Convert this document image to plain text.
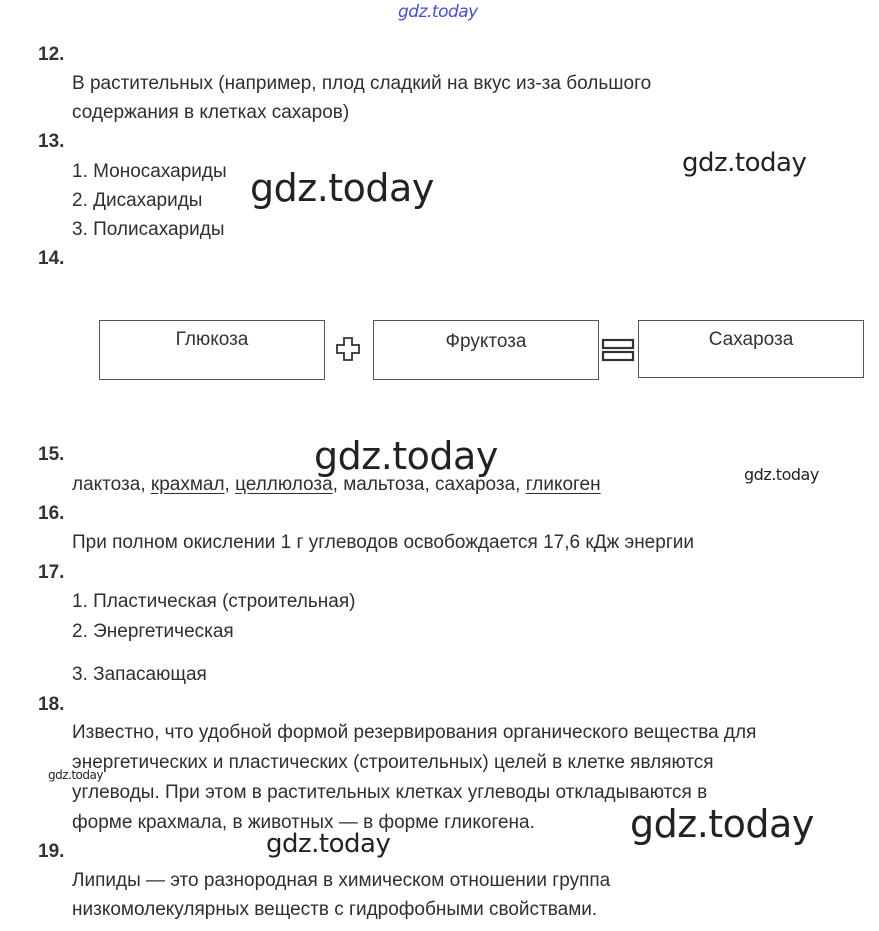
gdz.today
gdz.today
gdz.today
gdz.today	gdz.today
gdz.today
gdz.today
gdz.today
12.
В растительных (например, плод сладкий на вкус из-за большого
содержания в клетках сахаров)
13.
1. Моносахариды
2. Дисахариды
3. Полисахариды
14.
Глюкоза	Фруктоза	Сахароза
15.
лактоза, крахмал, целлюлоза, мальтоза, сахароза, гликоген
16.
При полном окислении 1 г углеводов освобождается 17,6 кДж энергии
17.
1. Пластическая (строительная)
2. Энергетическая
3. Запасающая
18.
Известно, что удобной формой резервирования органического вещества для
энергетических и пластических (строительных) целей в клетке являются
углеводы. При этом в растительных клетках углеводы откладываются в
форме крахмала, в животных — в форме гликогена.
19.
Липиды — это разнородная в химическом отношении группа
низкомолекулярных веществ с гидрофобными свойствами.
